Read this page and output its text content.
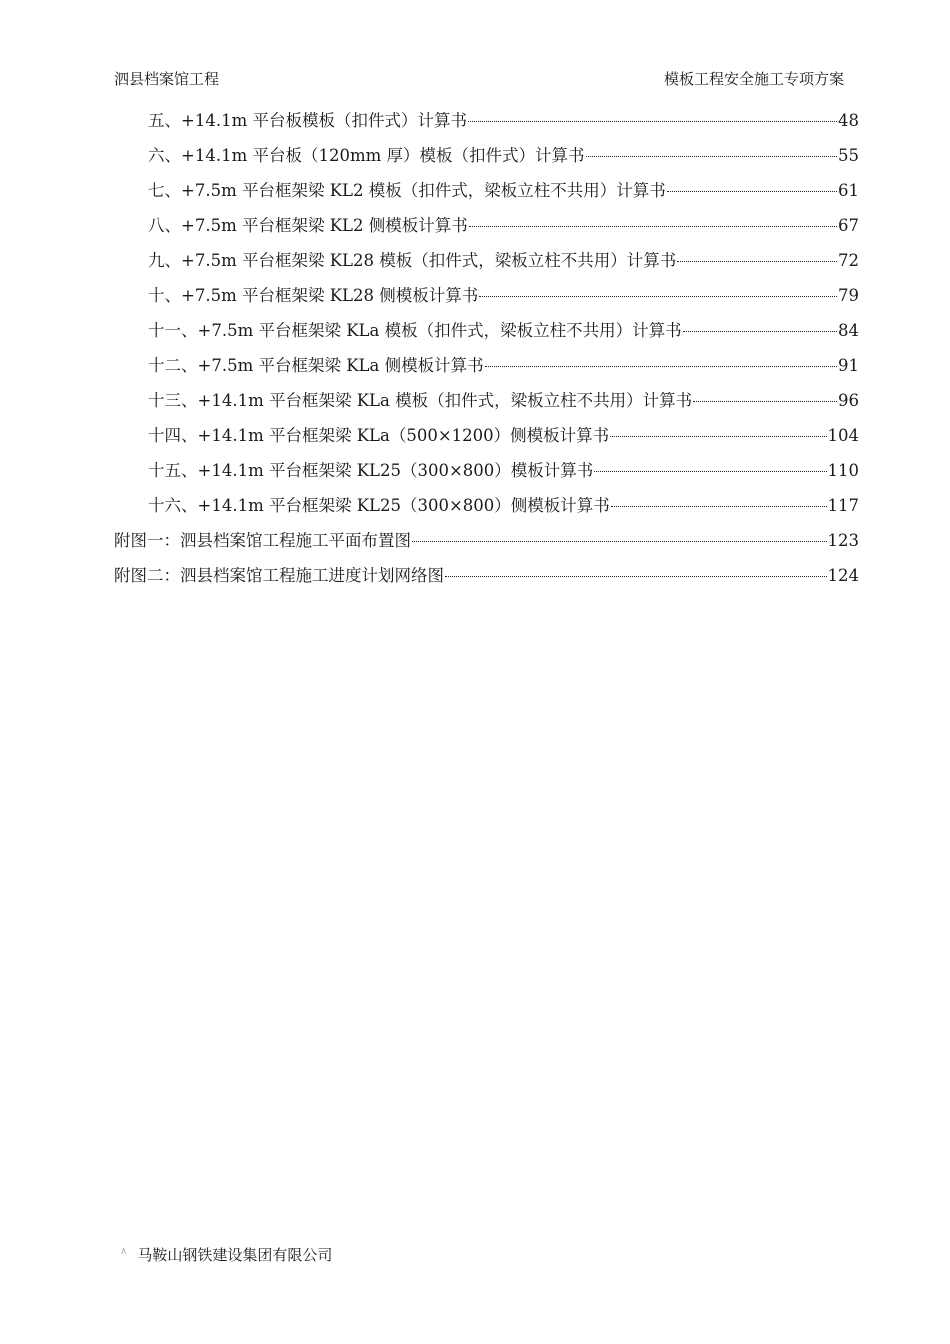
泗县档案馆工程	模板工程安全施工专项方案
五、+14.1m 平台板模板（扣件式）计算书	48
六、+14.1m 平台板（120mm 厚）模板（扣件式）计算书	55
七、+7.5m 平台框架梁 KL2 模板（扣件式，梁板立柱不共用）计算书	61
八、+7.5m 平台框架梁 KL2 侧模板计算书	67
九、+7.5m 平台框架梁 KL28 模板（扣件式，梁板立柱不共用）计算书	72
十、+7.5m 平台框架梁 KL28 侧模板计算书	79
十一、+7.5m 平台框架梁 KLa 模板（扣件式，梁板立柱不共用）计算书	84
十二、+7.5m 平台框架梁 KLa 侧模板计算书	91
十三、+14.1m 平台框架梁 KLa 模板（扣件式，梁板立柱不共用）计算书	96
十四、+14.1m 平台框架梁 KLa（500×1200）侧模板计算书	104
十五、+14.1m 平台框架梁 KL25（300×800）模板计算书	110
十六、+14.1m 平台框架梁 KL25（300×800）侧模板计算书	117
附图一：泗县档案馆工程施工平面布置图	123
附图二：泗县档案馆工程施工进度计划网络图	124
∧ 马鞍山钢铁建设集团有限公司
